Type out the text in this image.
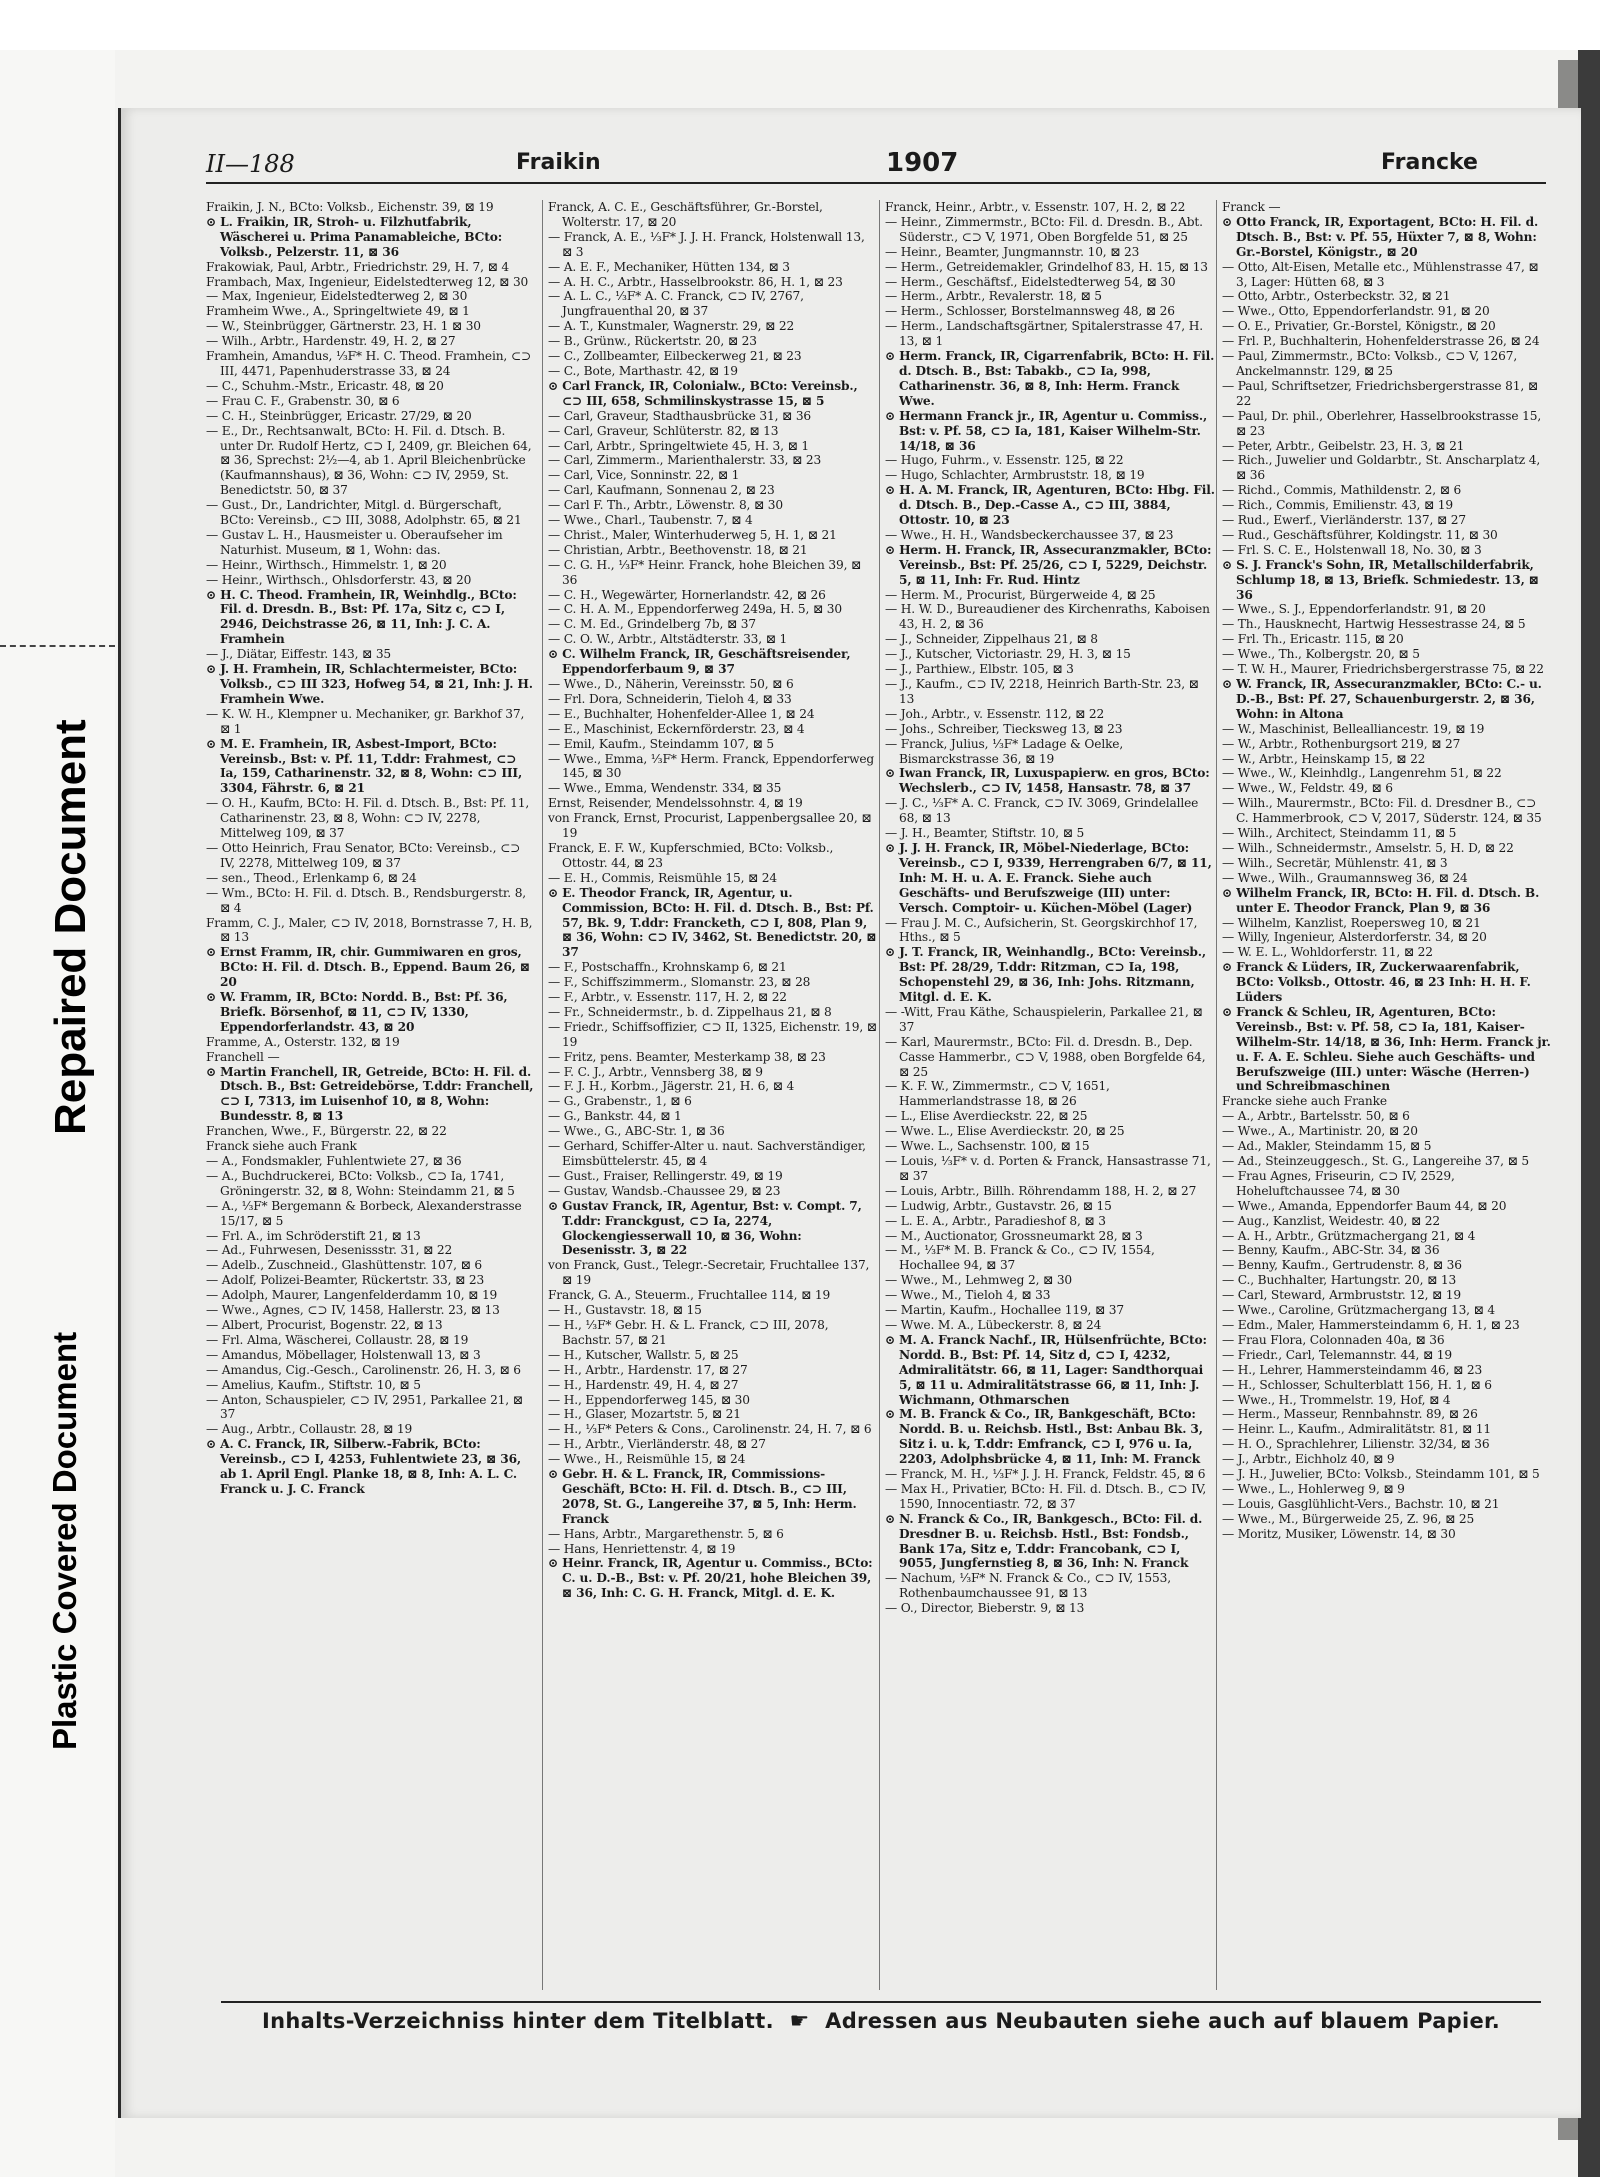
Repaired Document
Plastic Covered Document
II—188	Fraikin	1907	Francke

Fraikin, J. N., BCto: Volksb., Eichenstr. 39, ⊠ 19

⊙ L. Fraikin, IR, Stroh- u. Filzhutfabrik, Wäscherei u. Prima Panamableiche, BCto: Volksb., Pelzerstr. 11, ⊠ 36

Frakowiak, Paul, Arbtr., Friedrichstr. 29, H. 7, ⊠ 4

Frambach, Max, Ingenieur, Eidelstedterweg 12, ⊠ 30

— Max, Ingenieur, Eidelstedterweg 2, ⊠ 30

Framheim Wwe., A., Springeltwiete 49, ⊠ 1

— W., Steinbrügger, Gärtnerstr. 23, H. 1 ⊠ 30

— Wilh., Arbtr., Hardenstr. 49, H. 2, ⊠ 27

Framhein, Amandus, ⅓F* H. C. Theod. Framhein, ⊂⊃ III, 4471, Papenhuderstrasse 33, ⊠ 24

— C., Schuhm.-Mstr., Ericastr. 48, ⊠ 20

— Frau C. F., Grabenstr. 30, ⊠ 6

— C. H., Steinbrügger, Ericastr. 27/29, ⊠ 20

— E., Dr., Rechtsanwalt, BCto: H. Fil. d. Dtsch. B. unter Dr. Rudolf Hertz, ⊂⊃ I, 2409, gr. Bleichen 64, ⊠ 36, Sprechst: 2½—4, ab 1. April Bleichenbrücke (Kaufmannshaus), ⊠ 36, Wohn: ⊂⊃ IV, 2959, St. Benedictstr. 50, ⊠ 37

— Gust., Dr., Landrichter, Mitgl. d. Bürgerschaft, BCto: Vereinsb., ⊂⊃ III, 3088, Adolphstr. 65, ⊠ 21

— Gustav L. H., Hausmeister u. Oberaufseher im Naturhist. Museum, ⊠ 1, Wohn: das.

— Heinr., Wirthsch., Himmelstr. 1, ⊠ 20

— Heinr., Wirthsch., Ohlsdorferstr. 43, ⊠ 20

⊙ H. C. Theod. Framhein, IR, Weinhdlg., BCto: Fil. d. Dresdn. B., Bst: Pf. 17a, Sitz c, ⊂⊃ I, 2946, Deichstrasse 26, ⊠ 11, Inh: J. C. A. Framhein

— J., Diätar, Eiffestr. 143, ⊠ 35

⊙ J. H. Framhein, IR, Schlachtermeister, BCto: Volksb., ⊂⊃ III 323, Hofweg 54, ⊠ 21, Inh: J. H. Framhein Wwe.

— K. W. H., Klempner u. Mechaniker, gr. Barkhof 37, ⊠ 1

⊙ M. E. Framhein, IR, Asbest-Import, BCto: Vereinsb., Bst: v. Pf. 11, T.ddr: Frahmest, ⊂⊃ Ia, 159, Catharinenstr. 32, ⊠ 8, Wohn: ⊂⊃ III, 3304, Fährstr. 6, ⊠ 21

— O. H., Kaufm, BCto: H. Fil. d. Dtsch. B., Bst: Pf. 11, Catharinenstr. 23, ⊠ 8, Wohn: ⊂⊃ IV, 2278, Mittelweg 109, ⊠ 37

— Otto Heinrich, Frau Senator, BCto: Vereinsb., ⊂⊃ IV, 2278, Mittelweg 109, ⊠ 37

— sen., Theod., Erlenkamp 6, ⊠ 24

— Wm., BCto: H. Fil. d. Dtsch. B., Rendsburgerstr. 8, ⊠ 4

Framm, C. J., Maler, ⊂⊃ IV, 2018, Bornstrasse 7, H. B, ⊠ 13

⊙ Ernst Framm, IR, chir. Gummiwaren en gros, BCto: H. Fil. d. Dtsch. B., Eppend. Baum 26, ⊠ 20

⊙ W. Framm, IR, BCto: Nordd. B., Bst: Pf. 36, Briefk. Börsenhof, ⊠ 11, ⊂⊃ IV, 1330, Eppendorferlandstr. 43, ⊠ 20

Framme, A., Osterstr. 132, ⊠ 19

Franchell —

⊙ Martin Franchell, IR, Getreide, BCto: H. Fil. d. Dtsch. B., Bst: Getreidebörse, T.ddr: Franchell, ⊂⊃ I, 7313, im Luisenhof 10, ⊠ 8, Wohn: Bundesstr. 8, ⊠ 13

Franchen, Wwe., F., Bürgerstr. 22, ⊠ 22

Franck siehe auch Frank

— A., Fondsmakler, Fuhlentwiete 27, ⊠ 36

— A., Buchdruckerei, BCto: Volksb., ⊂⊃ Ia, 1741, Gröningerstr. 32, ⊠ 8, Wohn: Steindamm 21, ⊠ 5

— A., ⅓F* Bergemann & Borbeck, Alexanderstrasse 15/17, ⊠ 5

— Frl. A., im Schröderstift 21, ⊠ 13

— Ad., Fuhrwesen, Desenissstr. 31, ⊠ 22

— Adelb., Zuschneid., Glashüttenstr. 107, ⊠ 6

— Adolf, Polizei-Beamter, Rückertstr. 33, ⊠ 23

— Adolph, Maurer, Langenfelderdamm 10, ⊠ 19

— Wwe., Agnes, ⊂⊃ IV, 1458, Hallerstr. 23, ⊠ 13

— Albert, Procurist, Bogenstr. 22, ⊠ 13

— Frl. Alma, Wäscherei, Collaustr. 28, ⊠ 19

— Amandus, Möbellager, Holstenwall 13, ⊠ 3

— Amandus, Cig.-Gesch., Carolinenstr. 26, H. 3, ⊠ 6

— Amelius, Kaufm., Stiftstr. 10, ⊠ 5

— Anton, Schauspieler, ⊂⊃ IV, 2951, Parkallee 21, ⊠ 37

— Aug., Arbtr., Collaustr. 28, ⊠ 19

⊙ A. C. Franck, IR, Silberw.-Fabrik, BCto: Vereinsb., ⊂⊃ I, 4253, Fuhlentwiete 23, ⊠ 36, ab 1. April Engl. Planke 18, ⊠ 8, Inh: A. L. C. Franck u. J. C. Franck

Franck, A. C. E., Geschäftsführer, Gr.-Borstel, Wolterstr. 17, ⊠ 20

— Franck, A. E., ⅓F* J. J. H. Franck, Holstenwall 13, ⊠ 3

— A. E. F., Mechaniker, Hütten 134, ⊠ 3

— A. H. C., Arbtr., Hasselbrookstr. 86, H. 1, ⊠ 23

— A. L. C., ⅓F* A. C. Franck, ⊂⊃ IV, 2767, Jungfrauenthal 20, ⊠ 37

— A. T., Kunstmaler, Wagnerstr. 29, ⊠ 22

— B., Grünw., Rückertstr. 20, ⊠ 23

— C., Zollbeamter, Eilbeckerweg 21, ⊠ 23

— C., Bote, Marthastr. 42, ⊠ 19

⊙ Carl Franck, IR, Colonialw., BCto: Vereinsb., ⊂⊃ III, 658, Schmilinskystrasse 15, ⊠ 5

— Carl, Graveur, Stadthausbrücke 31, ⊠ 36

— Carl, Graveur, Schlüterstr. 82, ⊠ 13

— Carl, Arbtr., Springeltwiete 45, H. 3, ⊠ 1

— Carl, Zimmerm., Marienthalerstr. 33, ⊠ 23

— Carl, Vice, Sonninstr. 22, ⊠ 1

— Carl, Kaufmann, Sonnenau 2, ⊠ 23

— Carl F. Th., Arbtr., Löwenstr. 8, ⊠ 30

— Wwe., Charl., Taubenstr. 7, ⊠ 4

— Christ., Maler, Winterhuderweg 5, H. 1, ⊠ 21

— Christian, Arbtr., Beethovenstr. 18, ⊠ 21

— C. G. H., ⅓F* Heinr. Franck, hohe Bleichen 39, ⊠ 36

— C. H., Wegewärter, Hornerlandstr. 42, ⊠ 26

— C. H. A. M., Eppendorferweg 249a, H. 5, ⊠ 30

— C. M. Ed., Grindelberg 7b, ⊠ 37

— C. O. W., Arbtr., Altstädterstr. 33, ⊠ 1

⊙ C. Wilhelm Franck, IR, Geschäftsreisender, Eppendorferbaum 9, ⊠ 37

— Wwe., D., Näherin, Vereinsstr. 50, ⊠ 6

— Frl. Dora, Schneiderin, Tieloh 4, ⊠ 33

— E., Buchhalter, Hohenfelder-Allee 1, ⊠ 24

— E., Maschinist, Eckernförderstr. 23, ⊠ 4

— Emil, Kaufm., Steindamm 107, ⊠ 5

— Wwe., Emma, ⅓F* Herm. Franck, Eppendorferweg 145, ⊠ 30

— Wwe., Emma, Wendenstr. 334, ⊠ 35

Ernst, Reisender, Mendelssohnstr. 4, ⊠ 19

von Franck, Ernst, Procurist, Lappenbergsallee 20, ⊠ 19

Franck, E. F. W., Kupferschmied, BCto: Volksb., Ottostr. 44, ⊠ 23

— E. H., Commis, Reismühle 15, ⊠ 24

⊙ E. Theodor Franck, IR, Agentur, u. Commission, BCto: H. Fil. d. Dtsch. B., Bst: Pf. 57, Bk. 9, T.ddr: Francketh, ⊂⊃ I, 808, Plan 9, ⊠ 36, Wohn: ⊂⊃ IV, 3462, St. Benedictstr. 20, ⊠ 37

— F., Postschaffn., Krohnskamp 6, ⊠ 21

— F., Schiffszimmerm., Slomanstr. 23, ⊠ 28

— F., Arbtr., v. Essenstr. 117, H. 2, ⊠ 22

— Fr., Schneidermstr., b. d. Zippelhaus 21, ⊠ 8

— Friedr., Schiffsoffizier, ⊂⊃ II, 1325, Eichenstr. 19, ⊠ 19

— Fritz, pens. Beamter, Mesterkamp 38, ⊠ 23

— F. C. J., Arbtr., Vennsberg 38, ⊠ 9

— F. J. H., Korbm., Jägerstr. 21, H. 6, ⊠ 4

— G., Grabenstr., 1, ⊠ 6

— G., Bankstr. 44, ⊠ 1

— Wwe., G., ABC-Str. 1, ⊠ 36

— Gerhard, Schiffer-Alter u. naut. Sachverständiger, Eimsbüttelerstr. 45, ⊠ 4

— Gust., Fraiser, Rellingerstr. 49, ⊠ 19

— Gustav, Wandsb.-Chaussee 29, ⊠ 23

⊙ Gustav Franck, IR, Agentur, Bst: v. Compt. 7, T.ddr: Franckgust, ⊂⊃ Ia, 2274, Glockengiesserwall 10, ⊠ 36, Wohn: Desenisstr. 3, ⊠ 22

von Franck, Gust., Telegr.-Secretair, Fruchtallee 137, ⊠ 19

Franck, G. A., Steuerm., Fruchtallee 114, ⊠ 19

— H., Gustavstr. 18, ⊠ 15

— H., ⅓F* Gebr. H. & L. Franck, ⊂⊃ III, 2078, Bachstr. 57, ⊠ 21

— H., Kutscher, Wallstr. 5, ⊠ 25

— H., Arbtr., Hardenstr. 17, ⊠ 27

— H., Hardenstr. 49, H. 4, ⊠ 27

— H., Eppendorferweg 145, ⊠ 30

— H., Glaser, Mozartstr. 5, ⊠ 21

— H., ⅓F* Peters & Cons., Carolinenstr. 24, H. 7, ⊠ 6

— H., Arbtr., Vierländerstr. 48, ⊠ 27

— Wwe., H., Reismühle 15, ⊠ 24

⊙ Gebr. H. & L. Franck, IR, Commissions-Geschäft, BCto: H. Fil. d. Dtsch. B., ⊂⊃ III, 2078, St. G., Langereihe 37, ⊠ 5, Inh: Herm. Franck

— Hans, Arbtr., Margarethenstr. 5, ⊠ 6

— Hans, Henriettenstr. 4, ⊠ 19

⊙ Heinr. Franck, IR, Agentur u. Commiss., BCto: C. u. D.-B., Bst: v. Pf. 20/21, hohe Bleichen 39, ⊠ 36, Inh: C. G. H. Franck, Mitgl. d. E. K.

Franck, Heinr., Arbtr., v. Essenstr. 107, H. 2, ⊠ 22

— Heinr., Zimmermstr., BCto: Fil. d. Dresdn. B., Abt. Süderstr., ⊂⊃ V, 1971, Oben Borgfelde 51, ⊠ 25

— Heinr., Beamter, Jungmannstr. 10, ⊠ 23

— Herm., Getreidemakler, Grindelhof 83, H. 15, ⊠ 13

— Herm., Geschäftsf., Eidelstedterweg 54, ⊠ 30

— Herm., Arbtr., Revalerstr. 18, ⊠ 5

— Herm., Schlosser, Borstelmannsweg 48, ⊠ 26

— Herm., Landschaftsgärtner, Spitalerstrasse 47, H. 13, ⊠ 1

⊙ Herm. Franck, IR, Cigarrenfabrik, BCto: H. Fil. d. Dtsch. B., Bst: Tabakb., ⊂⊃ Ia, 998, Catharinenstr. 36, ⊠ 8, Inh: Herm. Franck Wwe.

⊙ Hermann Franck jr., IR, Agentur u. Commiss., Bst: v. Pf. 58, ⊂⊃ Ia, 181, Kaiser Wilhelm-Str. 14/18, ⊠ 36

— Hugo, Fuhrm., v. Essenstr. 125, ⊠ 22

— Hugo, Schlachter, Armbruststr. 18, ⊠ 19

⊙ H. A. M. Franck, IR, Agenturen, BCto: Hbg. Fil. d. Dtsch. B., Dep.-Casse A., ⊂⊃ III, 3884, Ottostr. 10, ⊠ 23

— Wwe., H. H., Wandsbeckerchaussee 37, ⊠ 23

⊙ Herm. H. Franck, IR, Assecuranzmakler, BCto: Vereinsb., Bst: Pf. 25/26, ⊂⊃ I, 5229, Deichstr. 5, ⊠ 11, Inh: Fr. Rud. Hintz

— Herm. M., Procurist, Bürgerweide 4, ⊠ 25

— H. W. D., Bureaudiener des Kirchenraths, Kaboisen 43, H. 2, ⊠ 36

— J., Schneider, Zippelhaus 21, ⊠ 8

— J., Kutscher, Victoriastr. 29, H. 3, ⊠ 15

— J., Parthiew., Elbstr. 105, ⊠ 3

— J., Kaufm., ⊂⊃ IV, 2218, Heinrich Barth-Str. 23, ⊠ 13

— Joh., Arbtr., v. Essenstr. 112, ⊠ 22

— Johs., Schreiber, Tiecksweg 13, ⊠ 23

— Franck, Julius, ⅓F* Ladage & Oelke, Bismarckstrasse 36, ⊠ 19

⊙ Iwan Franck, IR, Luxuspapierw. en gros, BCto: Wechslerb., ⊂⊃ IV, 1458, Hansastr. 78, ⊠ 37

— J. C., ⅓F* A. C. Franck, ⊂⊃ IV. 3069, Grindelallee 68, ⊠ 13

— J. H., Beamter, Stiftstr. 10, ⊠ 5

⊙ J. J. H. Franck, IR, Möbel-Niederlage, BCto: Vereinsb., ⊂⊃ I, 9339, Herrengraben 6/7, ⊠ 11, Inh: M. H. u. A. E. Franck. Siehe auch Geschäfts- und Berufszweige (III) unter: Versch. Comptoir- u. Küchen-Möbel (Lager)

— Frau J. M. C., Aufsicherin, St. Georgskirchhof 17, Hths., ⊠ 5

⊙ J. T. Franck, IR, Weinhandlg., BCto: Vereinsb., Bst: Pf. 28/29, T.ddr: Ritzman, ⊂⊃ Ia, 198, Schopenstehl 29, ⊠ 36, Inh: Johs. Ritzmann, Mitgl. d. E. K.

— -Witt, Frau Käthe, Schauspielerin, Parkallee 21, ⊠ 37

— Karl, Maurermstr., BCto: Fil. d. Dresdn. B., Dep. Casse Hammerbr., ⊂⊃ V, 1988, oben Borgfelde 64, ⊠ 25

— K. F. W., Zimmermstr., ⊂⊃ V, 1651, Hammerlandstrasse 18, ⊠ 26

— L., Elise Averdieckstr. 22, ⊠ 25

— Wwe. L., Elise Averdieckstr. 20, ⊠ 25

— Wwe. L., Sachsenstr. 100, ⊠ 15

— Louis, ⅓F* v. d. Porten & Franck, Hansastrasse 71, ⊠ 37

— Louis, Arbtr., Billh. Röhrendamm 188, H. 2, ⊠ 27

— Ludwig, Arbtr., Gustavstr. 26, ⊠ 15

— L. E. A., Arbtr., Paradieshof 8, ⊠ 3

— M., Auctionator, Grossneumarkt 28, ⊠ 3

— M., ⅓F* M. B. Franck & Co., ⊂⊃ IV, 1554, Hochallee 94, ⊠ 37

— Wwe., M., Lehmweg 2, ⊠ 30

— Wwe., M., Tieloh 4, ⊠ 33

— Martin, Kaufm., Hochallee 119, ⊠ 37

— Wwe. M. A., Lübeckerstr. 8, ⊠ 24

⊙ M. A. Franck Nachf., IR, Hülsenfrüchte, BCto: Nordd. B., Bst: Pf. 14, Sitz d, ⊂⊃ I, 4232, Admiralitätstr. 66, ⊠ 11, Lager: Sandthorquai 5, ⊠ 11 u. Admiralitätstrasse 66, ⊠ 11, Inh: J. Wichmann, Othmarschen

⊙ M. B. Franck & Co., IR, Bankgeschäft, BCto: Nordd. B. u. Reichsb. Hstl., Bst: Anbau Bk. 3, Sitz i. u. k, T.ddr: Emfranck, ⊂⊃ I, 976 u. Ia, 2203, Adolphsbrücke 4, ⊠ 11, Inh: M. Franck

— Franck, M. H., ⅓F* J. J. H. Franck, Feldstr. 45, ⊠ 6

— Max H., Privatier, BCto: H. Fil. d. Dtsch. B., ⊂⊃ IV, 1590, Innocentiastr. 72, ⊠ 37

⊙ N. Franck & Co., IR, Bankgesch., BCto: Fil. d. Dresdner B. u. Reichsb. Hstl., Bst: Fondsb., Bank 17a, Sitz e, T.ddr: Francobank, ⊂⊃ I, 9055, Jungfernstieg 8, ⊠ 36, Inh: N. Franck

— Nachum, ⅓F* N. Franck & Co., ⊂⊃ IV, 1553, Rothenbaumchaussee 91, ⊠ 13

— O., Director, Bieberstr. 9, ⊠ 13

Franck —

⊙ Otto Franck, IR, Exportagent, BCto: H. Fil. d. Dtsch. B., Bst: v. Pf. 55, Hüxter 7, ⊠ 8, Wohn: Gr.-Borstel, Königstr., ⊠ 20

— Otto, Alt-Eisen, Metalle etc., Mühlenstrasse 47, ⊠ 3, Lager: Hütten 68, ⊠ 3

— Otto, Arbtr., Osterbeckstr. 32, ⊠ 21

— Wwe., Otto, Eppendorferlandstr. 91, ⊠ 20

— O. E., Privatier, Gr.-Borstel, Königstr., ⊠ 20

— Frl. P., Buchhalterin, Hohenfelderstrasse 26, ⊠ 24

— Paul, Zimmermstr., BCto: Volksb., ⊂⊃ V, 1267, Anckelmannstr. 129, ⊠ 25

— Paul, Schriftsetzer, Friedrichsbergerstrasse 81, ⊠ 22

— Paul, Dr. phil., Oberlehrer, Hasselbrookstrasse 15, ⊠ 23

— Peter, Arbtr., Geibelstr. 23, H. 3, ⊠ 21

— Rich., Juwelier und Goldarbtr., St. Anscharplatz 4, ⊠ 36

— Richd., Commis, Mathildenstr. 2, ⊠ 6

— Rich., Commis, Emilienstr. 43, ⊠ 19

— Rud., Ewerf., Vierländerstr. 137, ⊠ 27

— Rud., Geschäftsführer, Koldingstr. 11, ⊠ 30

— Frl. S. C. E., Holstenwall 18, No. 30, ⊠ 3

⊙ S. J. Franck's Sohn, IR, Metallschilderfabrik, Schlump 18, ⊠ 13, Briefk. Schmiedestr. 13, ⊠ 36

— Wwe., S. J., Eppendorferlandstr. 91, ⊠ 20

— Th., Hausknecht, Hartwig Hessestrasse 24, ⊠ 5

— Frl. Th., Ericastr. 115, ⊠ 20

— Wwe., Th., Kolbergstr. 20, ⊠ 5

— T. W. H., Maurer, Friedrichsbergerstrasse 75, ⊠ 22

⊙ W. Franck, IR, Assecuranzmakler, BCto: C.- u. D.-B., Bst: Pf. 27, Schauenburgerstr. 2, ⊠ 36, Wohn: in Altona

— W., Maschinist, Bellealliancestr. 19, ⊠ 19

— W., Arbtr., Rothenburgsort 219, ⊠ 27

— W., Arbtr., Heinskamp 15, ⊠ 22

— Wwe., W., Kleinhdlg., Langenrehm 51, ⊠ 22

— Wwe., W., Feldstr. 49, ⊠ 6

— Wilh., Maurermstr., BCto: Fil. d. Dresdner B., ⊂⊃ C. Hammerbrook, ⊂⊃ V, 2017, Süderstr. 124, ⊠ 35

— Wilh., Architect, Steindamm 11, ⊠ 5

— Wilh., Schneidermstr., Amselstr. 5, H. D, ⊠ 22

— Wilh., Secretär, Mühlenstr. 41, ⊠ 3

— Wwe., Wilh., Graumannsweg 36, ⊠ 24

⊙ Wilhelm Franck, IR, BCto: H. Fil. d. Dtsch. B. unter E. Theodor Franck, Plan 9, ⊠ 36

— Wilhelm, Kanzlist, Roepersweg 10, ⊠ 21

— Willy, Ingenieur, Alsterdorferstr. 34, ⊠ 20

— W. E. L., Wohldorferstr. 11, ⊠ 22

⊙ Franck & Lüders, IR, Zuckerwaarenfabrik, BCto: Volksb., Ottostr. 46, ⊠ 23 Inh: H. H. F. Lüders

⊙ Franck & Schleu, IR, Agenturen, BCto: Vereinsb., Bst: v. Pf. 58, ⊂⊃ Ia, 181, Kaiser-Wilhelm-Str. 14/18, ⊠ 36, Inh: Herm. Franck jr. u. F. A. E. Schleu. Siehe auch Geschäfts- und Berufszweige (III.) unter: Wäsche (Herren-) und Schreibmaschinen

Francke siehe auch Franke

— A., Arbtr., Bartelsstr. 50, ⊠ 6

— Wwe., A., Martinistr. 20, ⊠ 20

— Ad., Makler, Steindamm 15, ⊠ 5

— Ad., Steinzeuggesch., St. G., Langereihe 37, ⊠ 5

— Frau Agnes, Friseurin, ⊂⊃ IV, 2529, Hoheluftchaussee 74, ⊠ 30

— Wwe., Amanda, Eppendorfer Baum 44, ⊠ 20

— Aug., Kanzlist, Weidestr. 40, ⊠ 22

— A. H., Arbtr., Grützmachergang 21, ⊠ 4

— Benny, Kaufm., ABC-Str. 34, ⊠ 36

— Benny, Kaufm., Gertrudenstr. 8, ⊠ 36

— C., Buchhalter, Hartungstr. 20, ⊠ 13

— Carl, Steward, Armbruststr. 12, ⊠ 19

— Wwe., Caroline, Grützmachergang 13, ⊠ 4

— Edm., Maler, Hammersteindamm 6, H. 1, ⊠ 23

— Frau Flora, Colonnaden 40a, ⊠ 36

— Friedr., Carl, Telemannstr. 44, ⊠ 19

— H., Lehrer, Hammersteindamm 46, ⊠ 23

— H., Schlosser, Schulterblatt 156, H. 1, ⊠ 6

— Wwe., H., Trommelstr. 19, Hof, ⊠ 4

— Herm., Masseur, Rennbahnstr. 89, ⊠ 26

— Heinr. L., Kaufm., Admiralitätstr. 81, ⊠ 11

— H. O., Sprachlehrer, Lilienstr. 32/34, ⊠ 36

— J., Arbtr., Eichholz 40, ⊠ 9

— J. H., Juwelier, BCto: Volksb., Steindamm 101, ⊠ 5

— Wwe., L., Hohlerweg 9, ⊠ 9

— Louis, Gasglühlicht-Vers., Bachstr. 10, ⊠ 21

— Wwe., M., Bürgerweide 25, Z. 96, ⊠ 25

— Moritz, Musiker, Löwenstr. 14, ⊠ 30

Inhalts-Verzeichniss hinter dem Titelblatt. ☛ Adressen aus Neubauten siehe auch auf blauem Papier.
